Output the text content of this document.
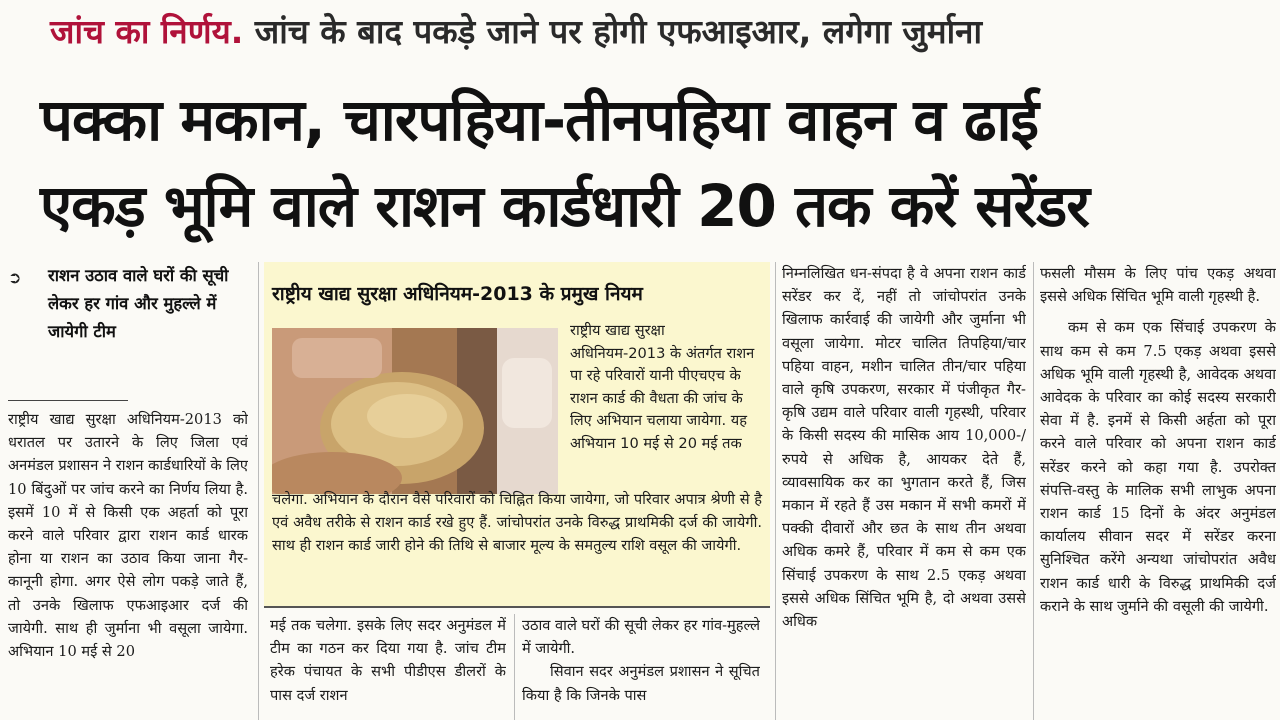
जांच का निर्णय. जांच के बाद पकड़े जाने पर होगी एफआइआर, लगेगा जुर्माना
पक्का मकान, चारपहिया-तीनपहिया वाहन व ढाई
एकड़ भूमि वाले राशन कार्डधारी 20 तक करें सरेंडर
➲ राशन उठाव वाले घरों की सूची लेकर हर गांव और मुहल्ले में जायेगी टीम
राष्ट्रीय खाद्य सुरक्षा अधिनियम-2013 को धरातल पर उतारने के लिए जिला एवं अनमंडल प्रशासन ने राशन कार्डधारियों के लिए 10 बिंदुओं पर जांच करने का निर्णय लिया है. इसमें 10 में से किसी एक अहर्ता को पूरा करने वाले परिवार द्वारा राशन कार्ड धारक होना या राशन का उठाव किया जाना गैर-कानूनी होगा. अगर ऐसे लोग पकड़े जाते हैं, तो उनके खिलाफ एफआइआर दर्ज की जायेगी. साथ ही जुर्माना भी वसूला जायेगा. अभियान 10 मई से 20
राष्ट्रीय खाद्य सुरक्षा अधिनियम-2013 के प्रमुख नियम
राष्ट्रीय खाद्य सुरक्षा अधिनियम-2013 के अंतर्गत राशन पा रहे परिवारों यानी पीएचएच के राशन कार्ड की वैधता की जांच के लिए अभियान चलाया जायेगा. यह अभियान 10 मई से 20 मई तक
चलेगा. अभियान के दौरान वैसे परिवारों को चिह्नित किया जायेगा, जो परिवार अपात्र श्रेणी से है एवं अवैध तरीके से राशन कार्ड रखे हुए हैं. जांचोपरांत उनके विरुद्ध प्राथमिकी दर्ज की जायेगी. साथ ही राशन कार्ड जारी होने की तिथि से बाजार मूल्य के समतुल्य राशि वसूल की जायेगी.
मई तक चलेगा. इसके लिए सदर अनुमंडल में टीम का गठन कर दिया गया है. जांच टीम हरेक पंचायत के सभी पीडीएस डीलरों के पास दर्ज राशन
उठाव वाले घरों की सूची लेकर हर गांव-मुहल्ले में जायेगी.
सिवान सदर अनुमंडल प्रशासन ने सूचित किया है कि जिनके पास
निम्नलिखित धन-संपदा है वे अपना राशन कार्ड सरेंडर कर दें, नहीं तो जांचोपरांत उनके खिलाफ कार्रवाई की जायेगी और जुर्माना भी वसूला जायेगा. मोटर चालित तिपहिया/चार पहिया वाहन, मशीन चालित तीन/चार पहिया वाले कृषि उपकरण, सरकार में पंजीकृत गैर-कृषि उद्यम वाले परिवार वाली गृहस्थी, परिवार के किसी सदस्य की मासिक आय 10,000-/ रुपये से अधिक है, आयकर देते हैं, व्यावसायिक कर का भुगतान करते हैं, जिस मकान में रहते हैं उस मकान में सभी कमरों में पक्की दीवारों और छत के साथ तीन अथवा अधिक कमरे हैं, परिवार में कम से कम एक सिंचाई उपकरण के साथ 2.5 एकड़ अथवा इससे अधिक सिंचित भूमि है, दो अथवा उससे अधिक
फसली मौसम के लिए पांच एकड़ अथवा इससे अधिक सिंचित भूमि वाली गृहस्थी है.
कम से कम एक सिंचाई उपकरण के साथ कम से कम 7.5 एकड़ अथवा इससे अधिक भूमि वाली गृहस्थी है, आवेदक अथवा आवेदक के परिवार का कोई सदस्य सरकारी सेवा में है. इनमें से किसी अर्हता को पूरा करने वाले परिवार को अपना राशन कार्ड सरेंडर करने को कहा गया है. उपरोक्त संपत्ति-वस्तु के मालिक सभी लाभुक अपना राशन कार्ड 15 दिनों के अंदर अनुमंडल कार्यालय सीवान सदर में सरेंडर करना सुनिश्चित करेंगे अन्यथा जांचोपरांत अवैध राशन कार्ड धारी के विरुद्ध प्राथमिकी दर्ज कराने के साथ जुर्माने की वसूली की जायेगी.
